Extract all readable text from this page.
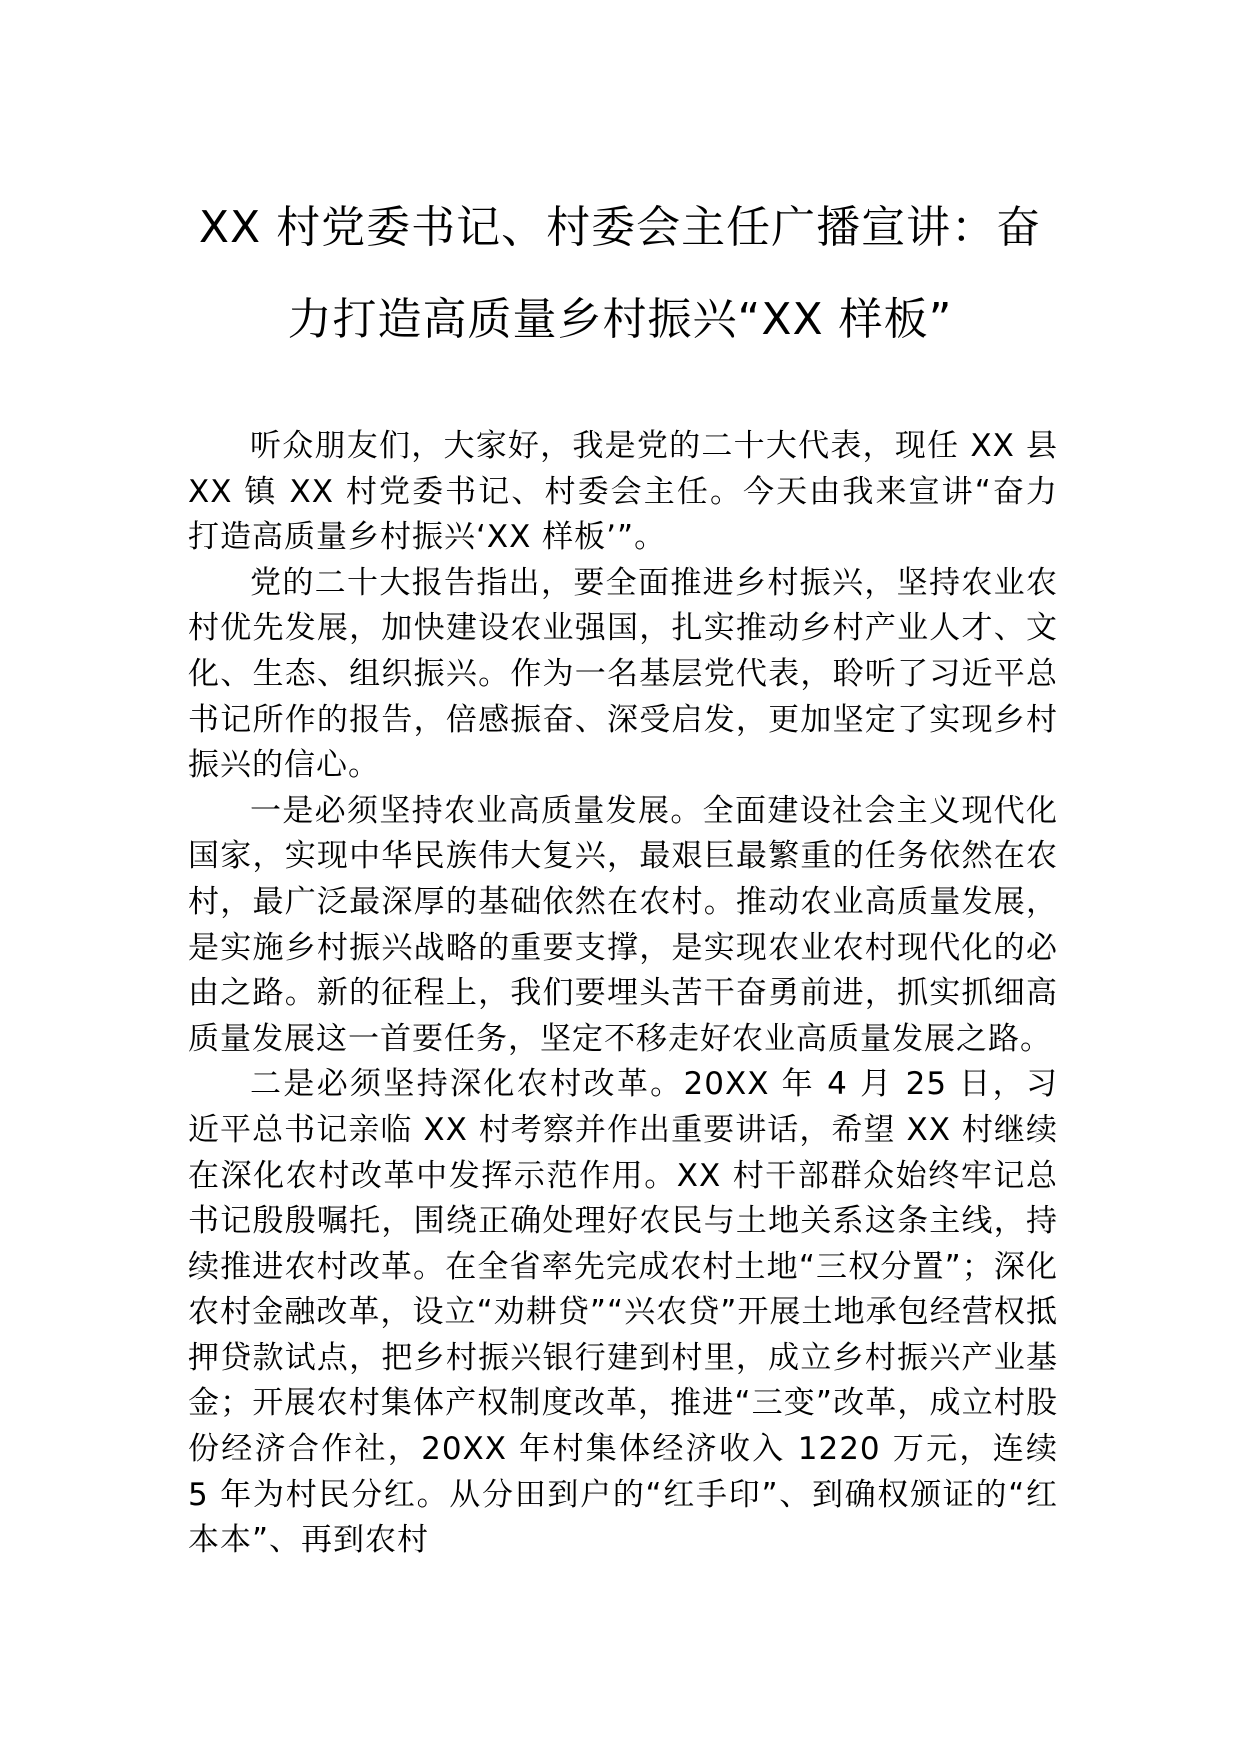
XX 村党委书记、村委会主任广播宣讲：奋
力打造高质量乡村振兴“XX 样板”

听众朋友们，大家好，我是党的二十大代表，现任 XX 县 XX 镇 XX 村党委书记、村委会主任。今天由我来宣讲“奋力打造高质量乡村振兴‘XX 样板’”。

党的二十大报告指出，要全面推进乡村振兴，坚持农业农村优先发展，加快建设农业强国，扎实推动乡村产业人才、文化、生态、组织振兴。作为一名基层党代表，聆听了习近平总书记所作的报告，倍感振奋、深受启发，更加坚定了实现乡村振兴的信心。

一是必须坚持农业高质量发展。全面建设社会主义现代化国家，实现中华民族伟大复兴，最艰巨最繁重的任务依然在农村，最广泛最深厚的基础依然在农村。推动农业高质量发展，是实施乡村振兴战略的重要支撑，是实现农业农村现代化的必由之路。新的征程上，我们要埋头苦干奋勇前进，抓实抓细高质量发展这一首要任务，坚定不移走好农业高质量发展之路。

二是必须坚持深化农村改革。20XX 年 4 月 25 日，习近平总书记亲临 XX 村考察并作出重要讲话，希望 XX 村继续在深化农村改革中发挥示范作用。XX 村干部群众始终牢记总书记殷殷嘱托，围绕正确处理好农民与土地关系这条主线，持续推进农村改革。在全省率先完成农村土地“三权分置”；深化农村金融改革，设立“劝耕贷”“兴农贷”开展土地承包经营权抵押贷款试点，把乡村振兴银行建到村里，成立乡村振兴产业基金；开展农村集体产权制度改革，推进“三变”改革，成立村股份经济合作社，20XX 年村集体经济收入 1220 万元，连续 5 年为村民分红。从分田到户的“红手印”、到确权颁证的“红本本”、再到农村
